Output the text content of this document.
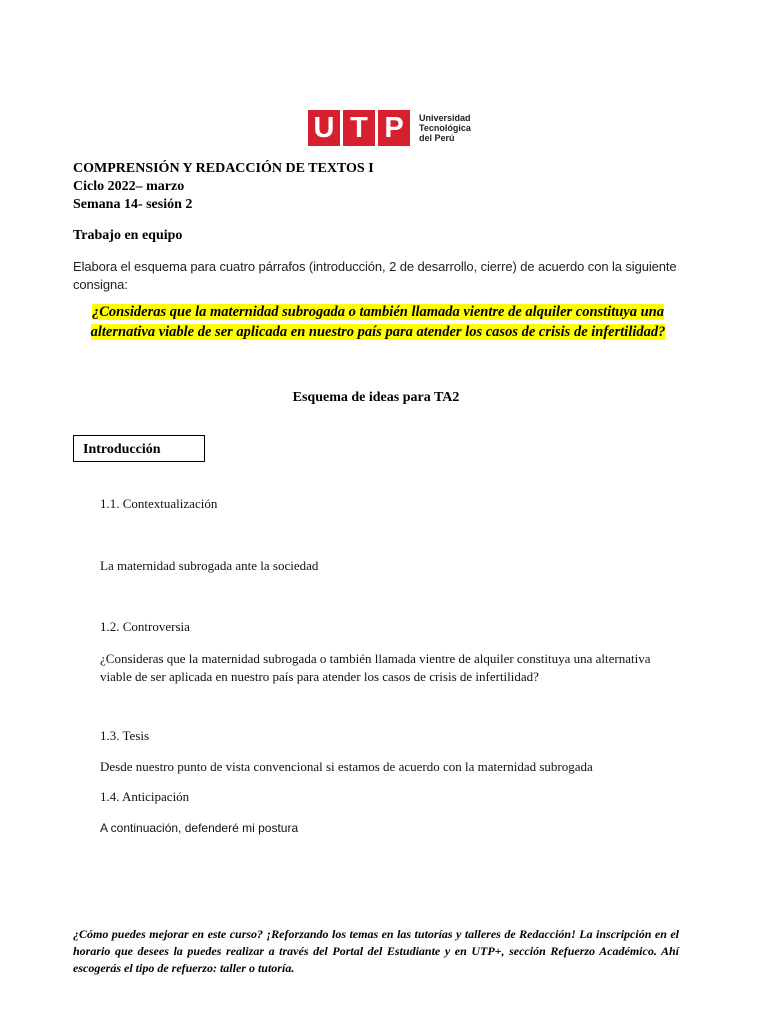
U T P	Universidad
Tecnológica
del Perú
COMPRENSIÓN Y REDACCIÓN DE TEXTOS I
Ciclo 2022– marzo
Semana 14- sesión 2
Trabajo en equipo
Elabora el esquema para cuatro párrafos (introducción, 2 de desarrollo, cierre) de acuerdo con la siguiente consigna:
¿Consideras que la maternidad subrogada o también llamada vientre de alquiler constituya una alternativa viable de ser aplicada en nuestro país para atender los casos de crisis de infertilidad?
Esquema de ideas para TA2
Introducción
1.1. Contextualización
La maternidad subrogada ante la sociedad
1.2. Controversia
¿Consideras que la maternidad subrogada o también llamada vientre de alquiler constituya una alternativa viable de ser aplicada en nuestro país para atender los casos de crisis de infertilidad?
1.3. Tesis
Desde nuestro punto de vista convencional si estamos de acuerdo con la maternidad subrogada
1.4. Anticipación
A continuación, defenderé mi postura
¿Cómo puedes mejorar en este curso? ¡Reforzando los temas en las tutorías y talleres de Redacción! La inscripción en el horario que desees la puedes realizar a través del Portal del Estudiante y en UTP+, sección Refuerzo Académico. Ahí escogerás el tipo de refuerzo: taller o tutoría.
